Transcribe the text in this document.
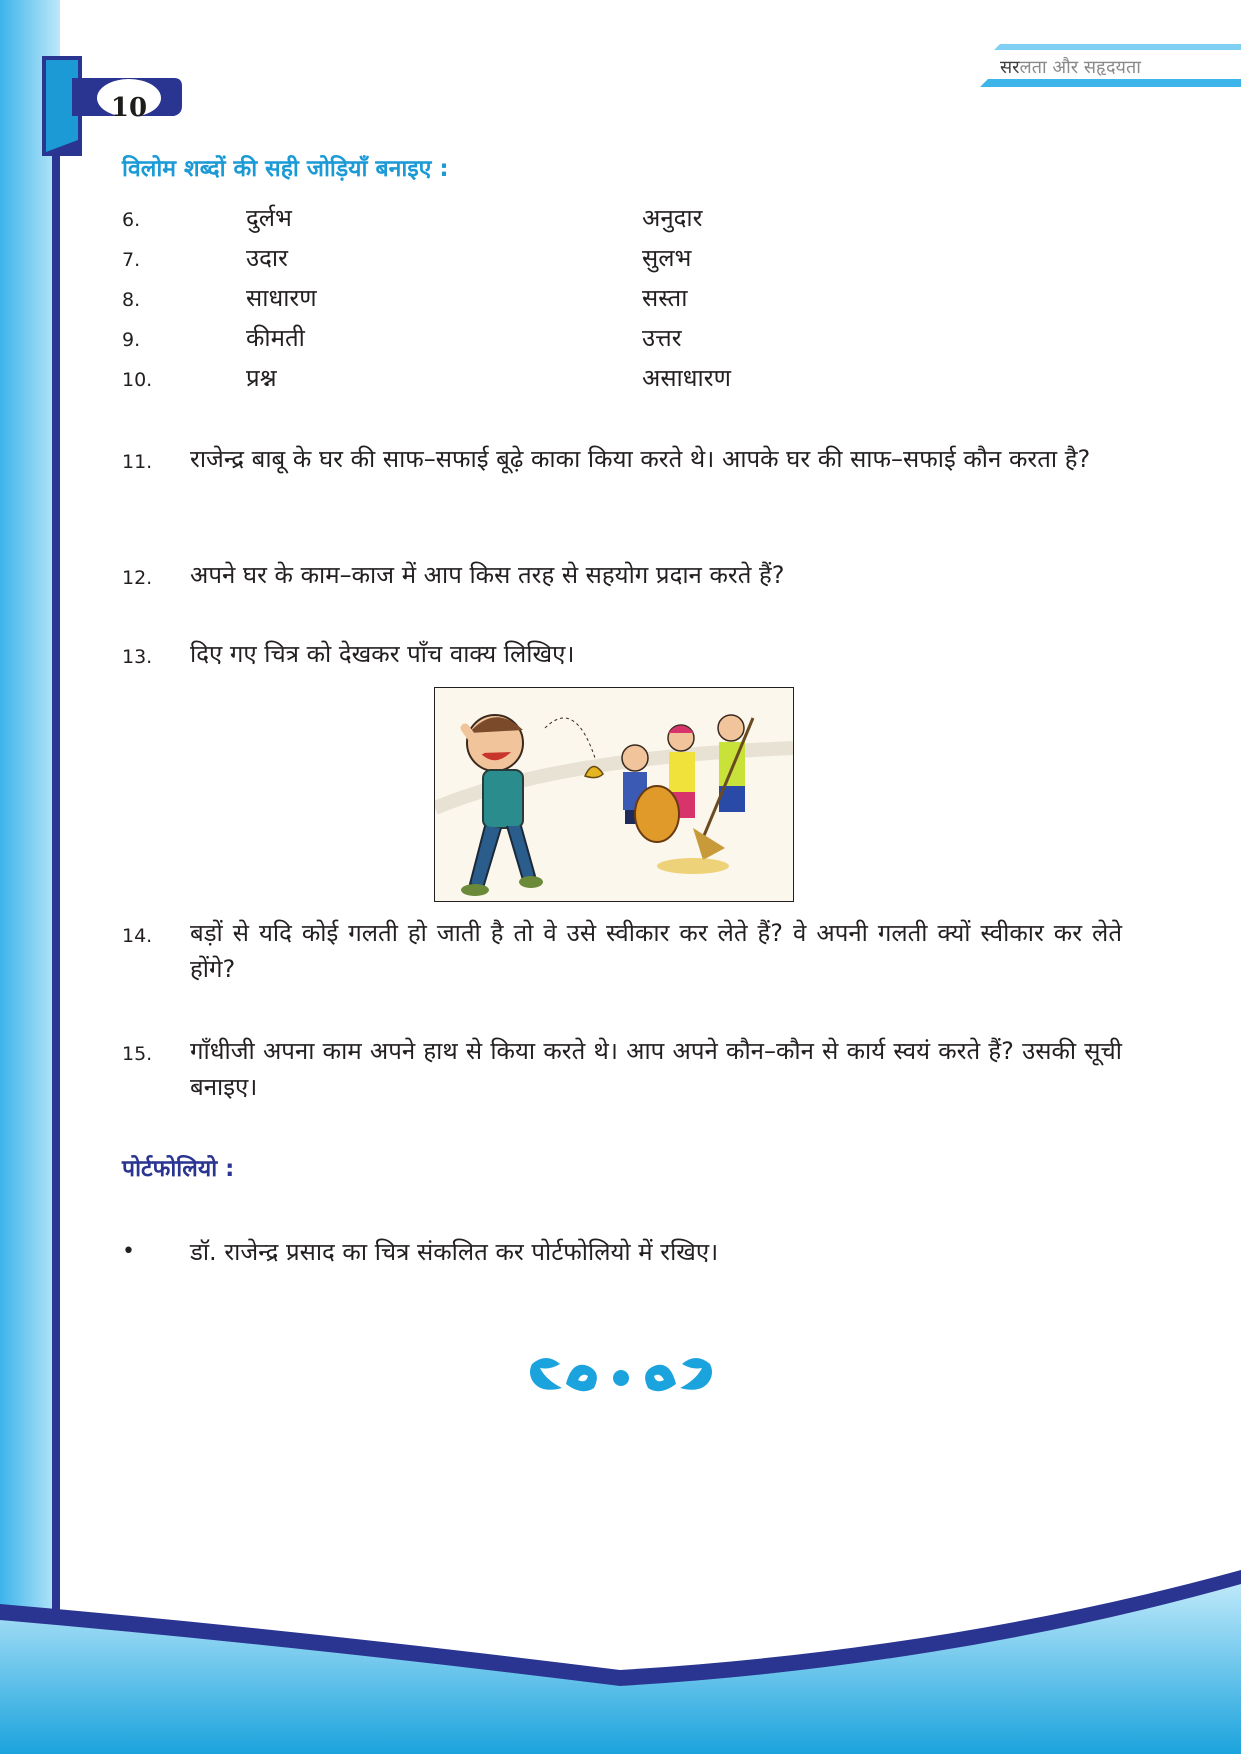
सरलता और सहृदयता
10
विलोम शब्दों की सही जोड़ियाँ बनाइए :
6.	दुर्लभ	अनुदार
7.	उदार	सुलभ
8.	साधारण	सस्ता
9.	कीमती	उत्तर
10.	प्रश्न	असाधारण
11.	राजेन्द्र बाबू के घर की साफ–सफाई बूढ़े काका किया करते थे। आपके घर की साफ–सफाई कौन करता है?
12.	अपने घर के काम–काज में आप किस तरह से सहयोग प्रदान करते हैं?
13.	दिए गए चित्र को देखकर पाँच वाक्य लिखिए।
14.	बड़ों से यदि कोई गलती हो जाती है तो वे उसे स्वीकार कर लेते हैं? वे अपनी गलती क्यों स्वीकार कर लेते होंगे?
15.	गाँधीजी अपना काम अपने हाथ से किया करते थे। आप अपने कौन–कौन से कार्य स्वयं करते हैं? उसकी सूची बनाइए।
पोर्टफोलियो :
• डॉ. राजेन्द्र प्रसाद का चित्र संकलित कर पोर्टफोलियो में रखिए।
